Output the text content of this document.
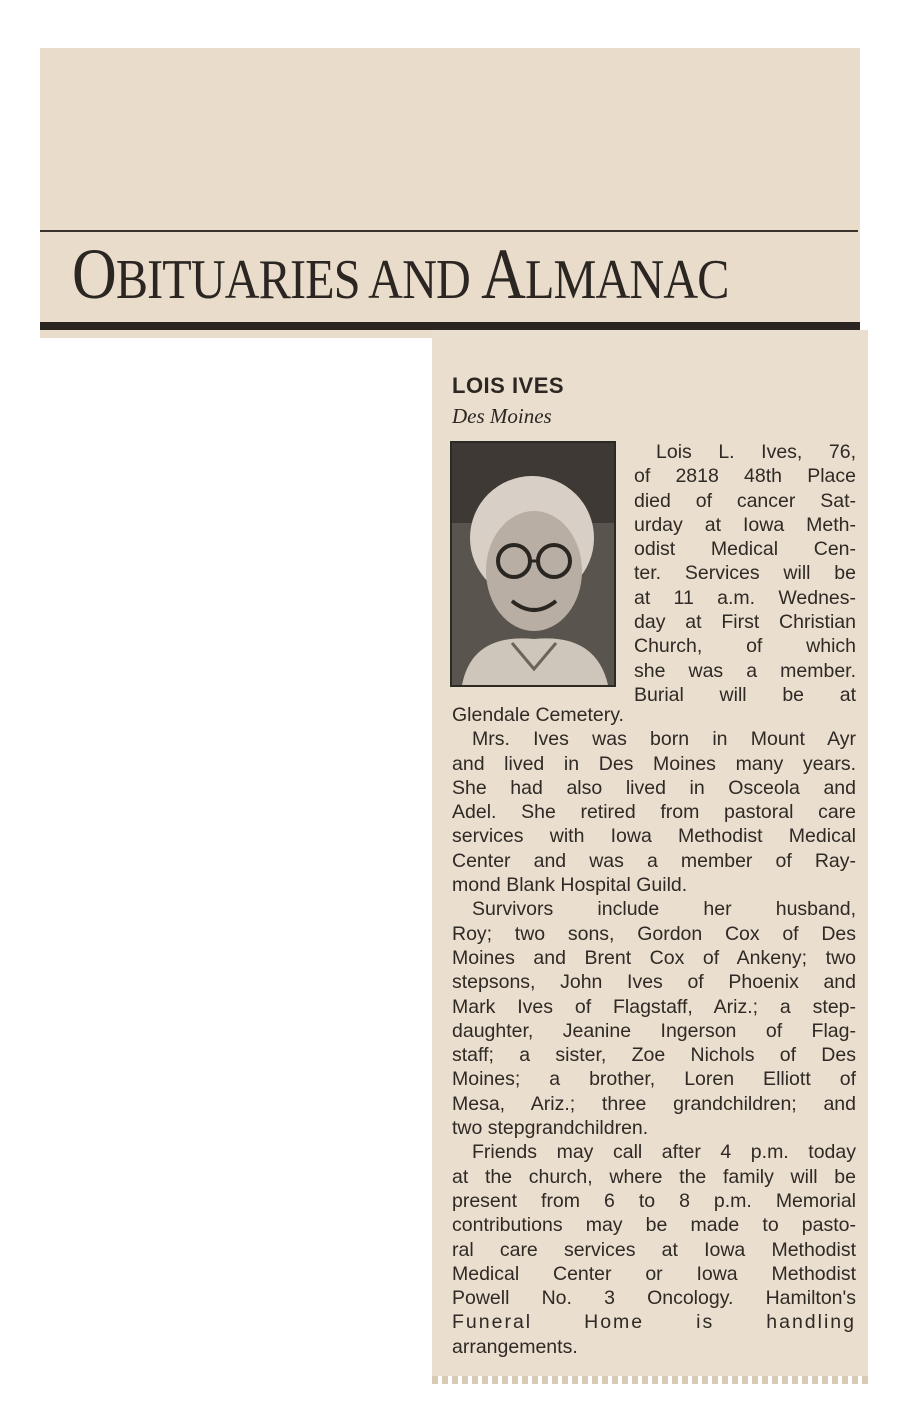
OBITUARIES AND ALMANAC
LOIS IVES
Des Moines
Lois L. Ives, 76,
of 2818 48th Place
died of cancer Sat-
urday at Iowa Meth-
odist Medical Cen-
ter. Services will be
at 11 a.m. Wednes-
day at First Christian
Church, of which
she was a member.
Burial will be at
Glendale Cemetery.
Mrs. Ives was born in Mount Ayr
and lived in Des Moines many years.
She had also lived in Osceola and
Adel. She retired from pastoral care
services with Iowa Methodist Medical
Center and was a member of Ray-
mond Blank Hospital Guild.
Survivors include her husband,
Roy; two sons, Gordon Cox of Des
Moines and Brent Cox of Ankeny; two
stepsons, John Ives of Phoenix and
Mark Ives of Flagstaff, Ariz.; a step-
daughter, Jeanine Ingerson of Flag-
staff; a sister, Zoe Nichols of Des
Moines; a brother, Loren Elliott of
Mesa, Ariz.; three grandchildren; and
two stepgrandchildren.
Friends may call after 4 p.m. today
at the church, where the family will be
present from 6 to 8 p.m. Memorial
contributions may be made to pasto-
ral care services at Iowa Methodist
Medical Center or Iowa Methodist
Powell No. 3 Oncology. Hamilton's
Funeral Home is handling
arrangements.
